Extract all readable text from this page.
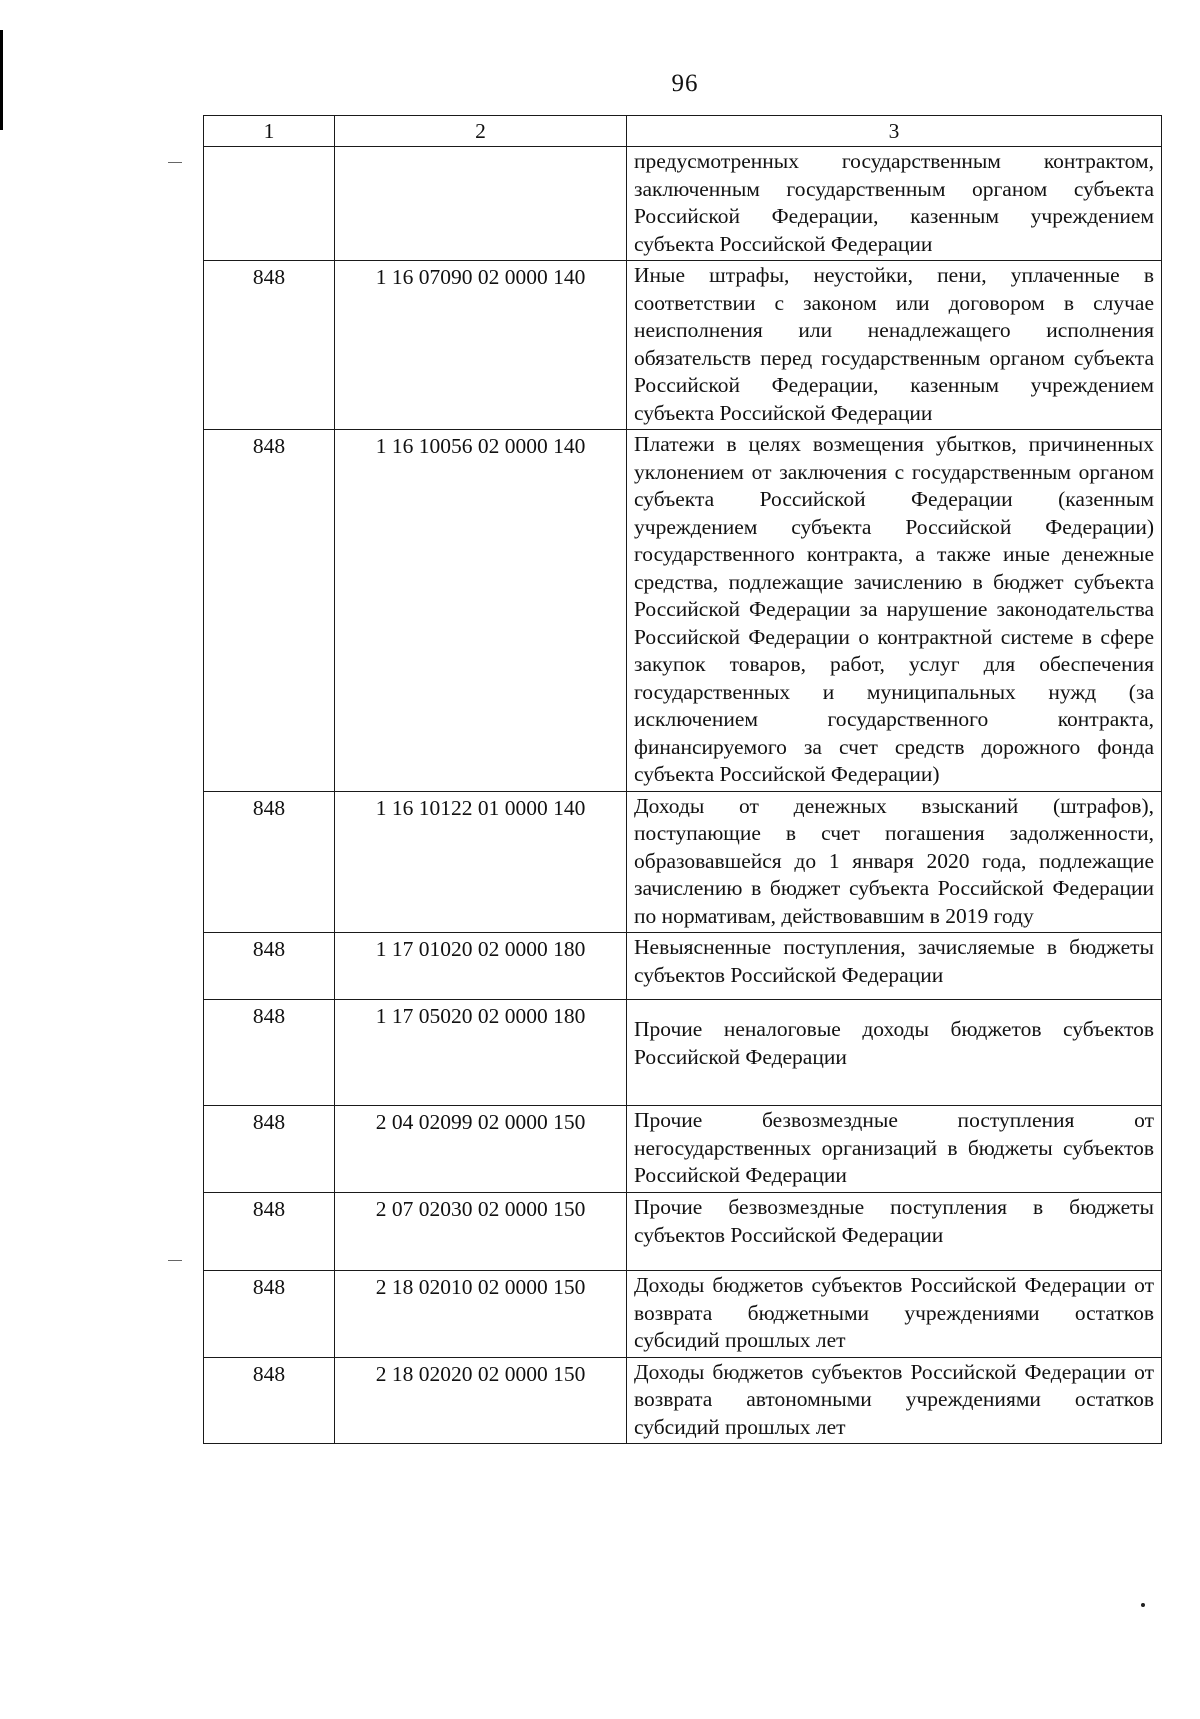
96
1	2	3
		предусмотренных государственным контрактом, заключенным государственным органом субъекта Российской Федерации, казенным учреждением субъекта Российской Федерации
848	1 16 07090 02 0000 140	Иные штрафы, неустойки, пени, уплаченные в соответствии с законом или договором в случае неисполнения или ненадлежащего исполнения обязательств перед государственным органом субъекта Российской Федерации, казенным учреждением субъекта Российской Федерации
848	1 16 10056 02 0000 140	Платежи в целях возмещения убытков, причиненных уклонением от заключения с государственным органом субъекта Российской Федерации (казенным учреждением субъекта Российской Федерации) государственного контракта, а также иные денежные средства, подлежащие зачислению в бюджет субъекта Российской Федерации за нарушение законодательства Российской Федерации о контрактной системе в сфере закупок товаров, работ, услуг для обеспечения государственных и муниципальных нужд (за исключением государственного контракта, финансируемого за счет средств дорожного фонда субъекта Российской Федерации)
848	1 16 10122 01 0000 140	Доходы от денежных взысканий (штрафов), поступающие в счет погашения задолженности, образовавшейся до 1 января 2020 года, подлежащие зачислению в бюджет субъекта Российской Федерации по нормативам, действовавшим в 2019 году
848	1 17 01020 02 0000 180	Невыясненные поступления, зачисляемые в бюджеты субъектов Российской Федерации
848	1 17 05020 02 0000 180	Прочие неналоговые доходы бюджетов субъектов Российской Федерации
848	2 04 02099 02 0000 150	Прочие безвозмездные поступления от негосударственных организаций в бюджеты субъектов Российской Федерации
848	2 07 02030 02 0000 150	Прочие безвозмездные поступления в бюджеты субъектов Российской Федерации
848	2 18 02010 02 0000 150	Доходы бюджетов субъектов Российской Федерации от возврата бюджетными учреждениями остатков субсидий прошлых лет
848	2 18 02020 02 0000 150	Доходы бюджетов субъектов Российской Федерации от возврата автономными учреждениями остатков субсидий прошлых лет
